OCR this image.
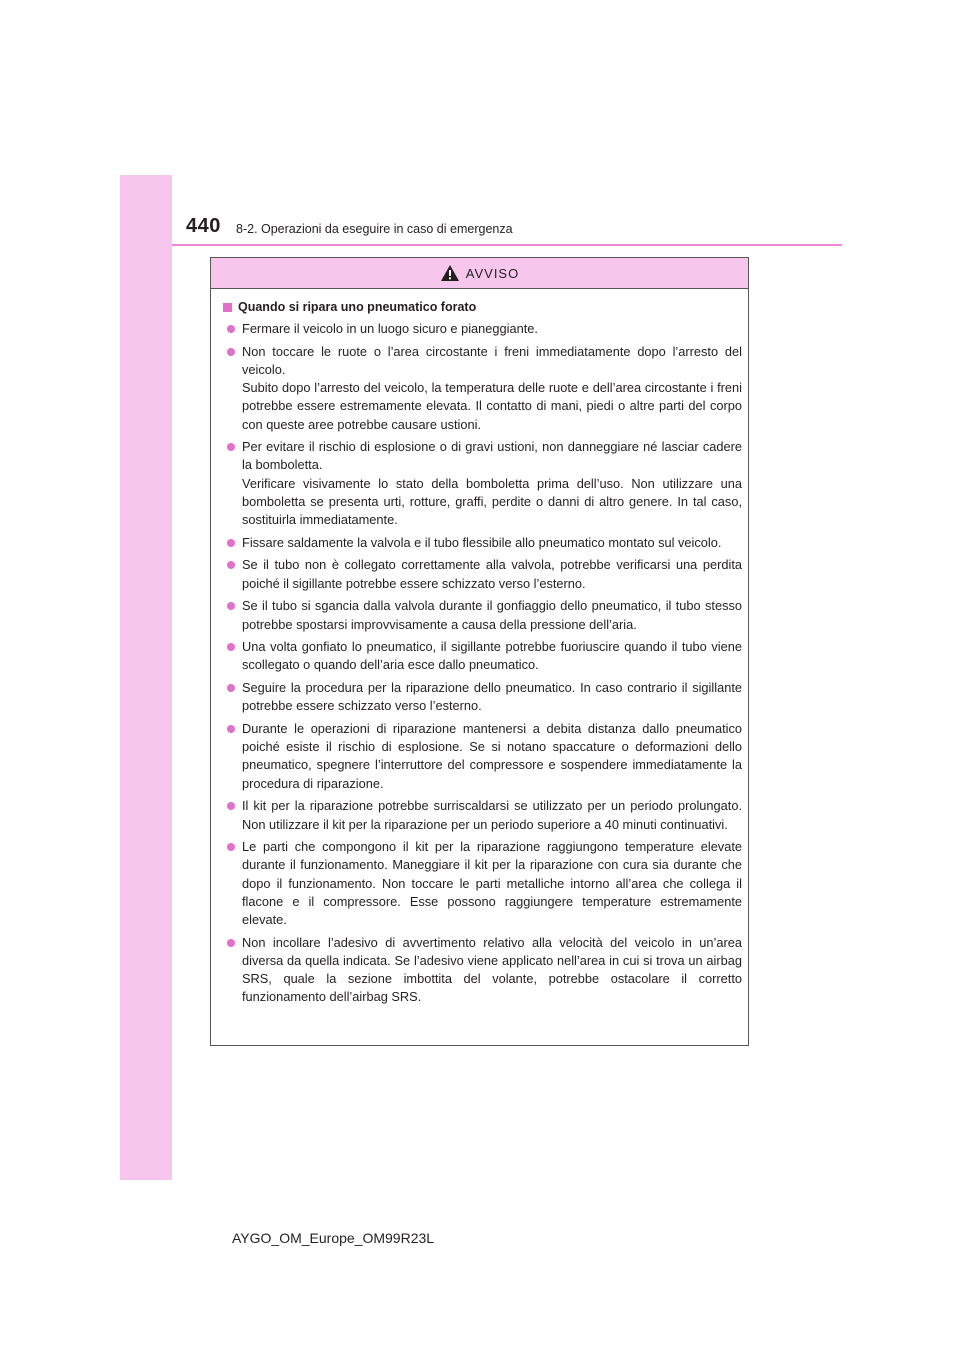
440 8-2. Operazioni da eseguire in caso di emergenza
AVVISO
Quando si ripara uno pneumatico forato

Fermare il veicolo in un luogo sicuro e pianeggiante.

Non toccare le ruote o l’area circostante i freni immediatamente dopo l’arresto del veicolo.

Subito dopo l’arresto del veicolo, la temperatura delle ruote e dell’area circostante i freni potrebbe essere estremamente elevata. Il contatto di mani, piedi o altre parti del corpo con queste aree potrebbe causare ustioni.

Per evitare il rischio di esplosione o di gravi ustioni, non danneggiare né lasciar cadere la bomboletta.

Verificare visivamente lo stato della bomboletta prima dell’uso. Non utilizzare una bomboletta se presenta urti, rotture, graffi, perdite o danni di altro genere. In tal caso, sostituirla immediatamente.

Fissare saldamente la valvola e il tubo flessibile allo pneumatico montato sul veicolo.

Se il tubo non è collegato correttamente alla valvola, potrebbe verificarsi una perdita poiché il sigillante potrebbe essere schizzato verso l’esterno.

Se il tubo si sgancia dalla valvola durante il gonfiaggio dello pneumatico, il tubo stesso potrebbe spostarsi improvvisamente a causa della pressione dell’aria.

Una volta gonfiato lo pneumatico, il sigillante potrebbe fuoriuscire quando il tubo viene scollegato o quando dell’aria esce dallo pneumatico.

Seguire la procedura per la riparazione dello pneumatico. In caso contrario il sigillante potrebbe essere schizzato verso l’esterno.

Durante le operazioni di riparazione mantenersi a debita distanza dallo pneumatico poiché esiste il rischio di esplosione. Se si notano spaccature o deformazioni dello pneumatico, spegnere l’interruttore del compressore e sospendere immediatamente la procedura di riparazione.

Il kit per la riparazione potrebbe surriscaldarsi se utilizzato per un periodo prolungato. Non utilizzare il kit per la riparazione per un periodo superiore a 40 minuti continuativi.

Le parti che compongono il kit per la riparazione raggiungono temperature elevate durante il funzionamento. Maneggiare il kit per la riparazione con cura sia durante che dopo il funzionamento. Non toccare le parti metalliche intorno all’area che collega il flacone e il compressore. Esse possono raggiungere temperature estremamente elevate.

Non incollare l’adesivo di avvertimento relativo alla velocità del veicolo in un’area diversa da quella indicata. Se l’adesivo viene applicato nell’area in cui si trova un airbag SRS, quale la sezione imbottita del volante, potrebbe ostacolare il corretto funzionamento dell’airbag SRS.

AYGO_OM_Europe_OM99R23L
